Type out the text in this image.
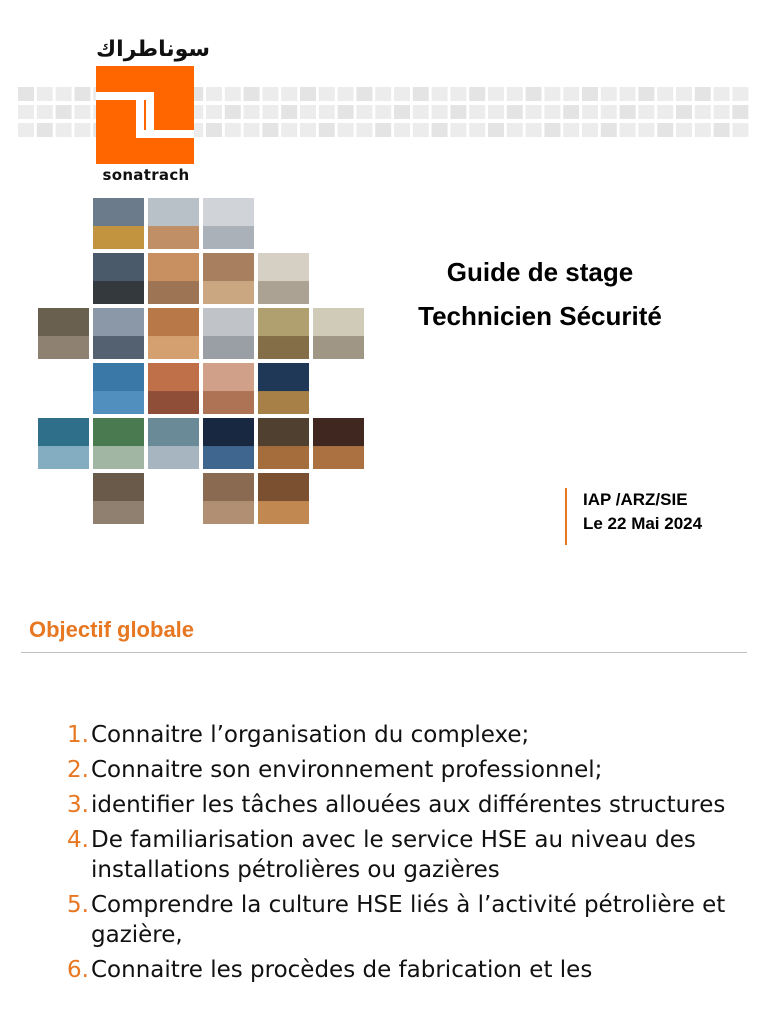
سوناطراك
sonatrach
Guide de stage
Technicien Sécurité
IAP /ARZ/SIE
Le 22 Mai 2024
Objectif globale
1. Connaitre l’organisation du complexe;
2. Connaitre son environnement professionnel;
3. identifier les tâches allouées aux différentes structures
4. De familiarisation avec le service HSE au niveau des installations pétrolières ou gazières
5. Comprendre la culture HSE liés à l’activité pétrolière et gazière,
6. Connaitre les procèdes de fabrication et les
